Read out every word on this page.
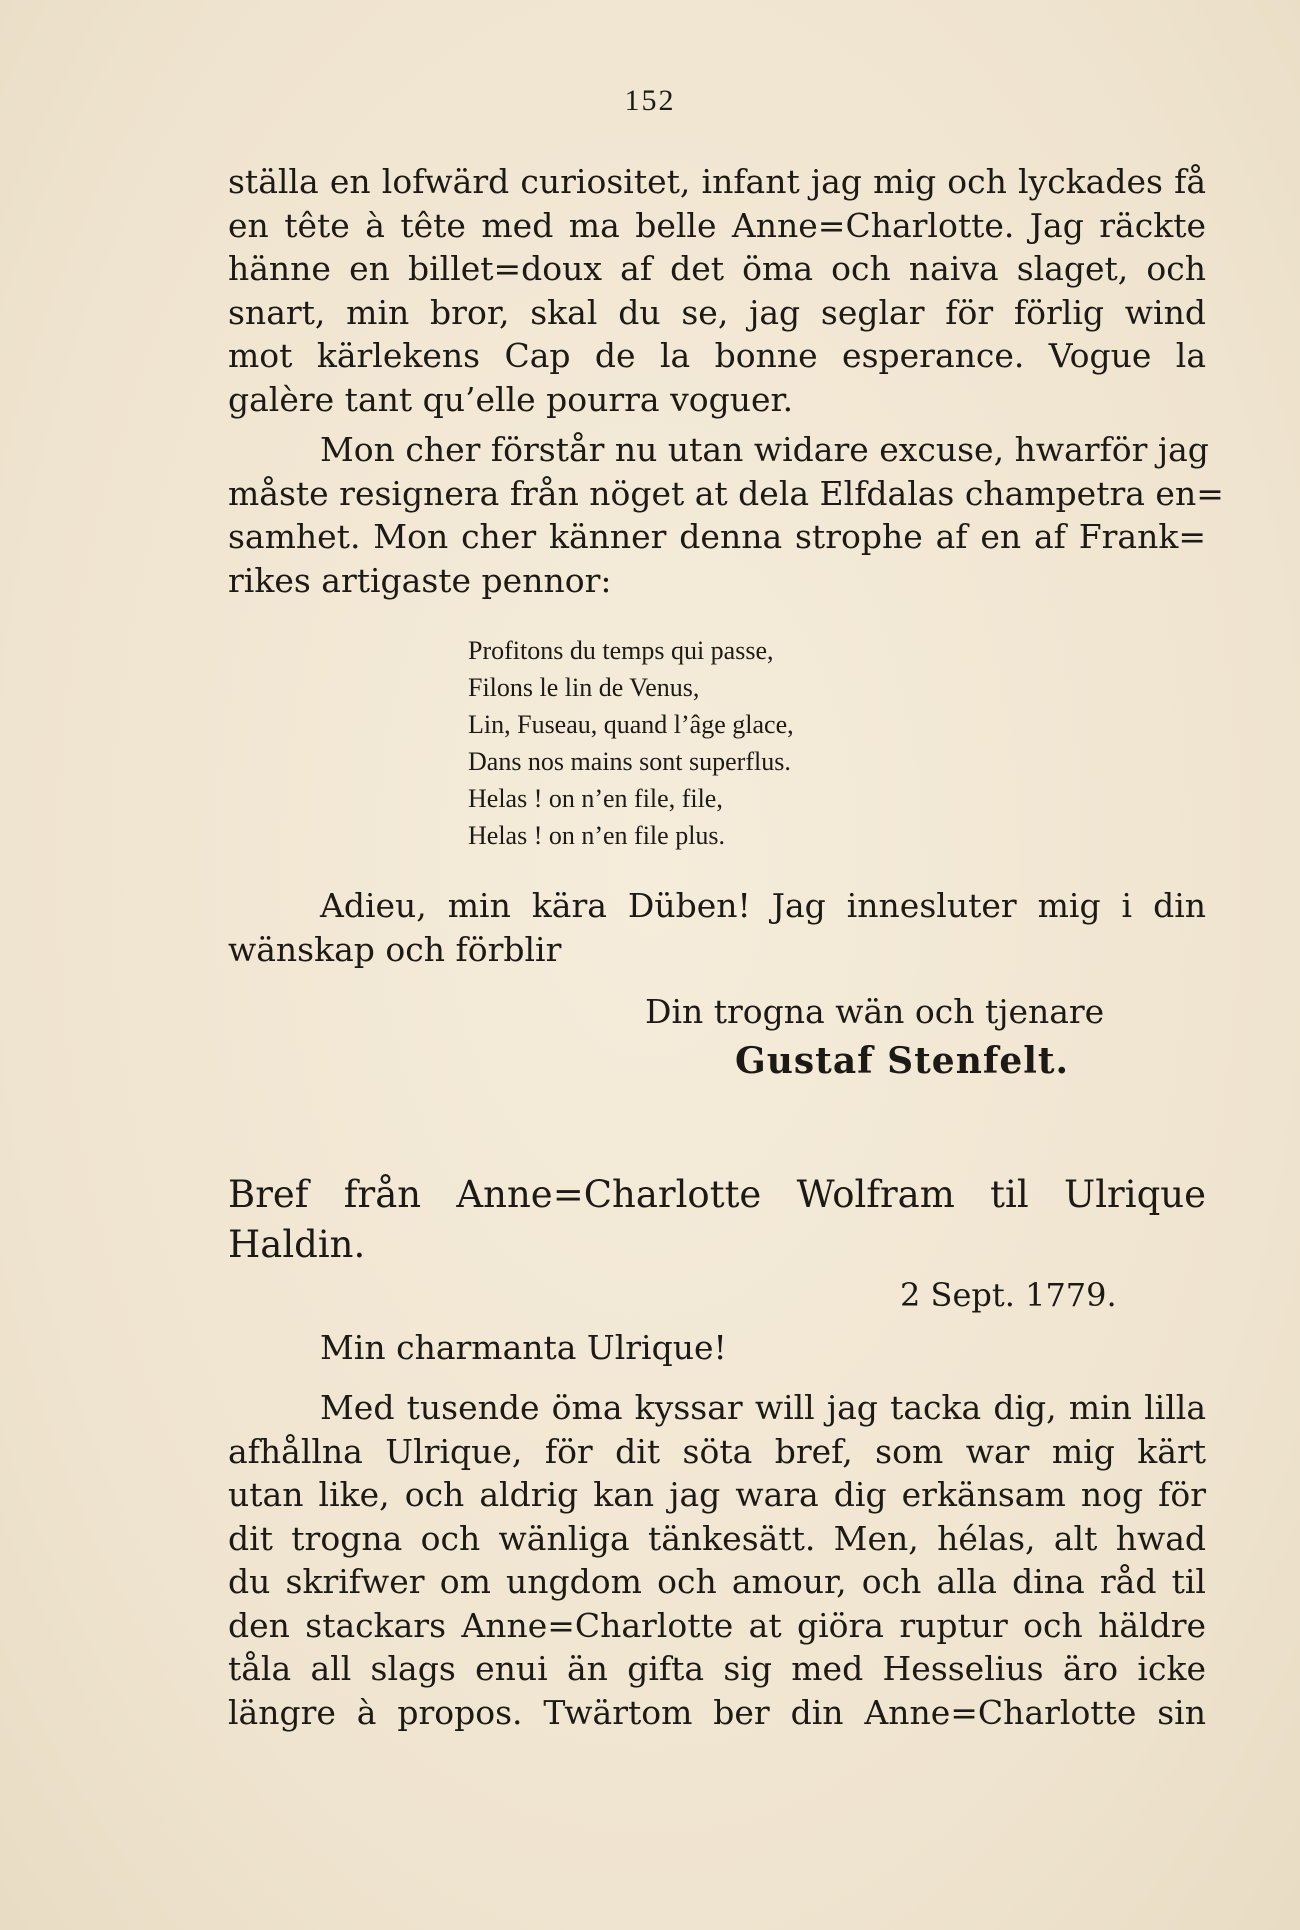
152
ställa en lofwärd curiositet, infant jag mig och lyckades få
en tête à tête med ma belle Anne=Charlotte. Jag räckte
hänne en billet=doux af det öma och naiva slaget, och
snart, min bror, skal du se, jag seglar för förlig wind
mot kärlekens Cap de la bonne esperance. Vogue la
galère tant qu’elle pourra voguer.
Mon cher förstår nu utan widare excuse, hwarför jag
måste resignera från nöget at dela Elfdalas champetra en=
samhet. Mon cher känner denna strophe af en af Frank=
rikes artigaste pennor:
Profitons du temps qui passe,
Filons le lin de Venus,
Lin, Fuseau, quand l’âge glace,
Dans nos mains sont superflus.
Helas ! on n’en file, file,
Helas ! on n’en file plus.
Adieu, min kära Düben! Jag innesluter mig i din
wänskap och förblir
Din trogna wän och tjenare
Gustaf Stenfelt.
Bref från Anne=Charlotte Wolfram til Ulrique
Haldin.
2 Sept. 1779.
Min charmanta Ulrique!
Med tusende öma kyssar will jag tacka dig, min lilla
afhållna Ulrique, för dit söta bref, som war mig kärt
utan like, och aldrig kan jag wara dig erkänsam nog för
dit trogna och wänliga tänkesätt. Men, hélas, alt hwad
du skrifwer om ungdom och amour, och alla dina råd til
den stackars Anne=Charlotte at giöra ruptur och häldre
tåla all slags enui än gifta sig med Hesselius äro icke
längre à propos. Twärtom ber din Anne=Charlotte sin
